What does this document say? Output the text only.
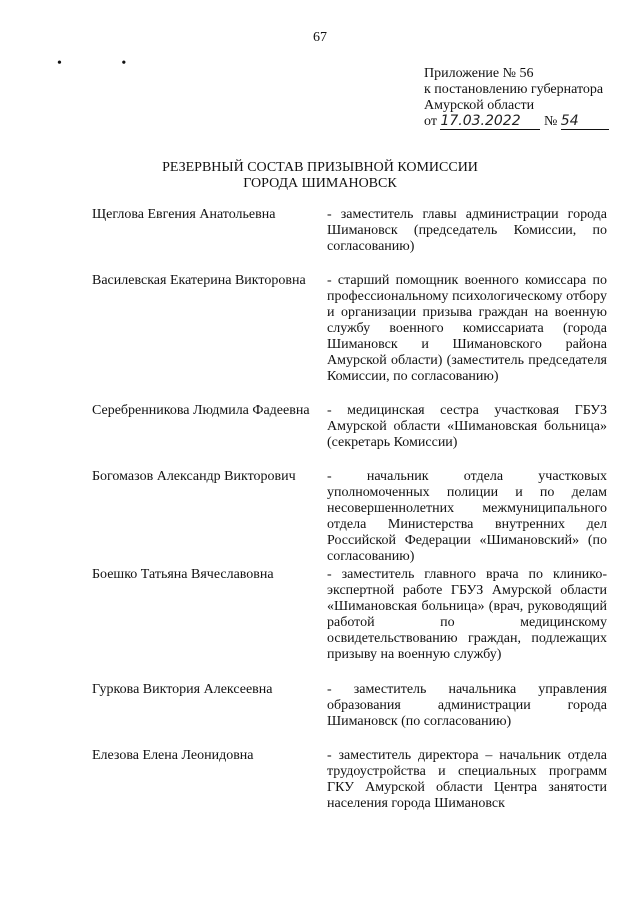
67
• •
Приложение № 56
к постановлению губернатора
Амурской области
от 17.03.2022 № 54
РЕЗЕРВНЫЙ СОСТАВ ПРИЗЫВНОЙ КОМИССИИ
ГОРОДА ШИМАНОВСК
Щеглова Евгения Анатольевна	- заместитель главы администрации города Шимановск (председатель Комиссии, по согласованию)
Василевская Екатерина Викторовна	- старший помощник военного комиссара по профессиональному психологическому отбору и организации призыва граждан на военную службу военного комиссариата (города Шимановск и Шимановского района Амурской области) (заместитель председателя Комиссии, по согласованию)
Серебренникова Людмила Фадеевна	- медицинская сестра участковая ГБУЗ Амурской области «Шимановская больница» (секретарь Комиссии)
Богомазов Александр Викторович	- начальник отдела участковых уполномоченных полиции и по делам несовершеннолетних межмуниципального отдела Министерства внутренних дел Российской Федерации «Шимановский» (по согласованию)
Боешко Татьяна Вячеславовна	- заместитель главного врача по клинико-экспертной работе ГБУЗ Амурской области «Шимановская больница» (врач, руководящий работой по медицинскому освидетельствованию граждан, подлежащих призыву на военную службу)
Гуркова Виктория Алексеевна	- заместитель начальника управления образования администрации города Шимановск (по согласованию)
Елезова Елена Леонидовна	- заместитель директора – начальник отдела трудоустройства и специальных программ ГКУ Амурской области Центра занятости населения города Шимановск
